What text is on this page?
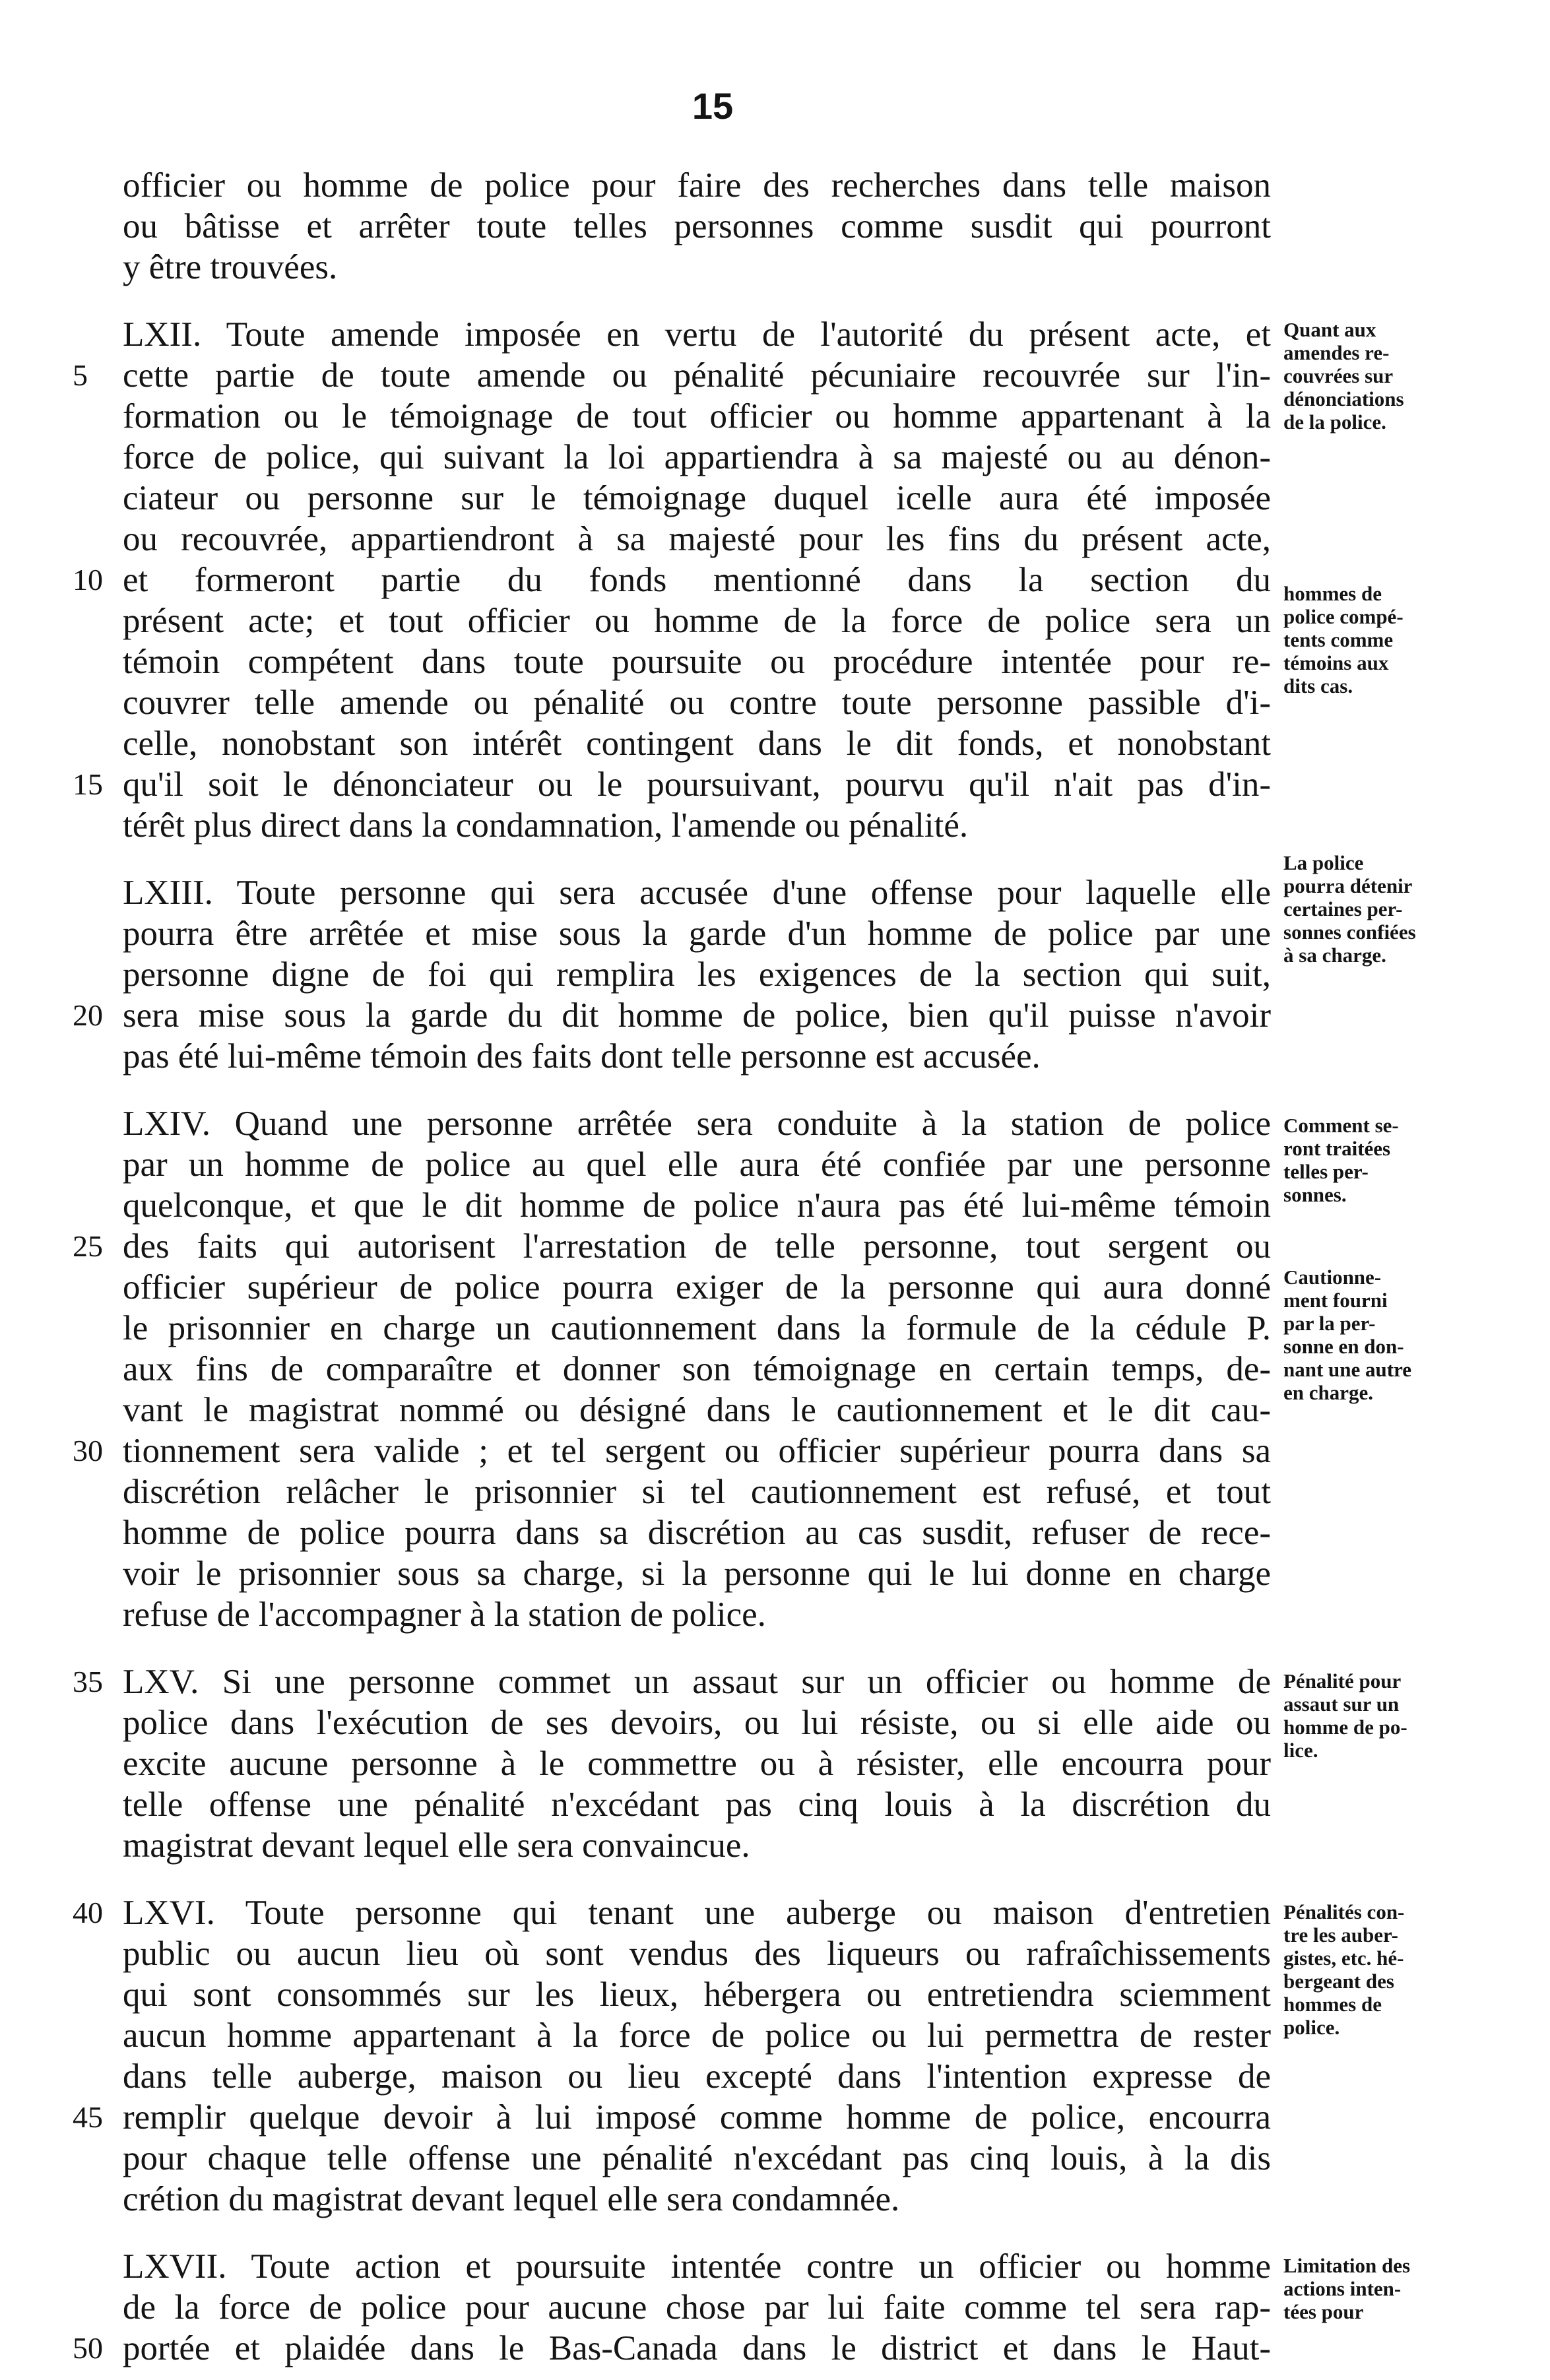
15
officier ou homme de police pour faire des recherches dans telle maison
ou bâtisse et arrêter toute telles personnes comme susdit qui pourront
y être trouvées.
LXII. Toute amende imposée en vertu de l'autorité du présent acte, et
5	cette partie de toute amende ou pénalité pécuniaire recouvrée sur l'in-
formation ou le témoignage de tout officier ou homme appartenant à la
force de police, qui suivant la loi appartiendra à sa majesté ou au dénon-
ciateur ou personne sur le témoignage duquel icelle aura été imposée
ou recouvrée, appartiendront à sa majesté pour les fins du présent acte,
10 et formeront partie du fonds mentionné dans la section du
présent acte; et tout officier ou homme de la force de police sera un
témoin compétent dans toute poursuite ou procédure intentée pour re-
couvrer telle amende ou pénalité ou contre toute personne passible d'i-
celle, nonobstant son intérêt contingent dans le dit fonds, et nonobstant
15 qu'il soit le dénonciateur ou le poursuivant, pourvu qu'il n'ait pas d'in-
térêt plus direct dans la condamnation, l'amende ou pénalité.
LXIII. Toute personne qui sera accusée d'une offense pour laquelle elle
pourra être arrêtée et mise sous la garde d'un homme de police par une
personne digne de foi qui remplira les exigences de la section qui suit,
20 sera mise sous la garde du dit homme de police, bien qu'il puisse n'avoir
pas été lui-même témoin des faits dont telle personne est accusée.
LXIV. Quand une personne arrêtée sera conduite à la station de police
par un homme de police au quel elle aura été confiée par une personne
quelconque, et que le dit homme de police n'aura pas été lui-même témoin
25 des faits qui autorisent l'arrestation de telle personne, tout sergent ou
officier supérieur de police pourra exiger de la personne qui aura donné
le prisonnier en charge un cautionnement dans la formule de la cédule P.
aux fins de comparaître et donner son témoignage en certain temps, de-
vant le magistrat nommé ou désigné dans le cautionnement et le dit cau-
30 tionnement sera valide ; et tel sergent ou officier supérieur pourra dans sa
discrétion relâcher le prisonnier si tel cautionnement est refusé, et tout
homme de police pourra dans sa discrétion au cas susdit, refuser de rece-
voir le prisonnier sous sa charge, si la personne qui le lui donne en charge
refuse de l'accompagner à la station de police.
35 LXV. Si une personne commet un assaut sur un officier ou homme de
police dans l'exécution de ses devoirs, ou lui résiste, ou si elle aide ou
excite aucune personne à le commettre ou à résister, elle encourra pour
telle offense une pénalité n'excédant pas cinq louis à la discrétion du
magistrat devant lequel elle sera convaincue.
40 LXVI. Toute personne qui tenant une auberge ou maison d'entretien
public ou aucun lieu où sont vendus des liqueurs ou rafraîchissements
qui sont consommés sur les lieux, hébergera ou entretiendra sciemment
aucun homme appartenant à la force de police ou lui permettra de rester
dans telle auberge, maison ou lieu excepté dans l'intention expresse de
45 remplir quelque devoir à lui imposé comme homme de police, encourra
pour chaque telle offense une pénalité n'excédant pas cinq louis, à la dis
crétion du magistrat devant lequel elle sera condamnée.
LXVII. Toute action et poursuite intentée contre un officier ou homme
de la force de police pour aucune chose par lui faite comme tel sera rap-
50 portée et plaidée dans le Bas-Canada dans le district et dans le Haut-
Quant aux
amendes re-
couvrées sur
dénonciations
de la police.
hommes de
police compé-
tents comme
témoins aux
dits cas.
La police
pourra détenir
certaines per-
sonnes confiées
à sa charge.
Comment se-
ront traitées
telles per-
sonnes.
Cautionne-
ment fourni
par la per-
sonne en don-
nant une autre
en charge.
Pénalité pour
assaut sur un
homme de po-
lice.
Pénalités con-
tre les auber-
gistes, etc. hé-
bergeant des
hommes de
police.
Limitation des
actions inten-
tées pour
